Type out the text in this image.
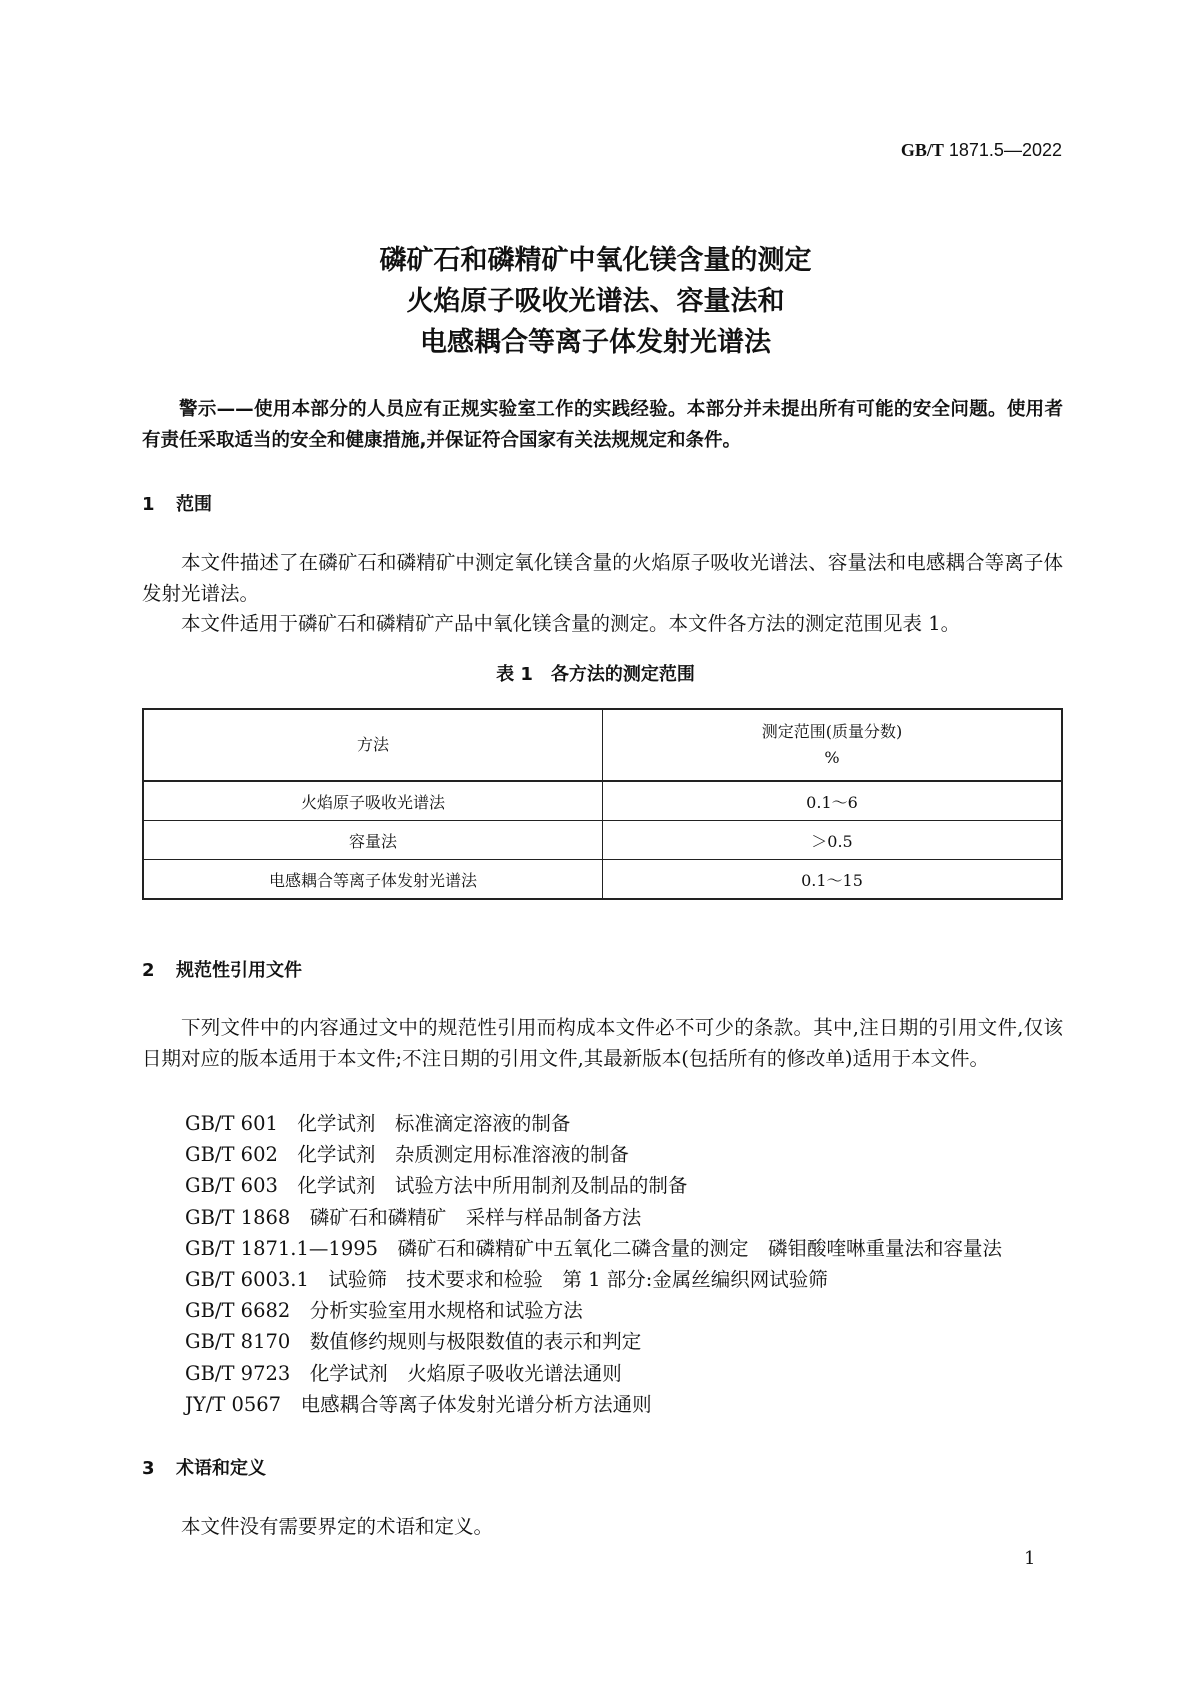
GB/T 1871.5—2022
磷矿石和磷精矿中氧化镁含量的测定
火焰原子吸收光谱法、容量法和
电感耦合等离子体发射光谱法
警示——使用本部分的人员应有正规实验室工作的实践经验。本部分并未提出所有可能的安全问题。使用者有责任采取适当的安全和健康措施,并保证符合国家有关法规规定和条件。
1 范围
本文件描述了在磷矿石和磷精矿中测定氧化镁含量的火焰原子吸收光谱法、容量法和电感耦合等离子体发射光谱法。
本文件适用于磷矿石和磷精矿产品中氧化镁含量的测定。本文件各方法的测定范围见表 1。
表 1　各方法的测定范围
方法	测定范围(质量分数)
%

火焰原子吸收光谱法	0.1～6
容量法	＞0.5
电感耦合等离子体发射光谱法	0.1～15
2 规范性引用文件
下列文件中的内容通过文中的规范性引用而构成本文件必不可少的条款。其中,注日期的引用文件,仅该日期对应的版本适用于本文件;不注日期的引用文件,其最新版本(包括所有的修改单)适用于本文件。
GB/T 601　化学试剂　标准滴定溶液的制备
GB/T 602　化学试剂　杂质测定用标准溶液的制备
GB/T 603　化学试剂　试验方法中所用制剂及制品的制备
GB/T 1868　磷矿石和磷精矿　采样与样品制备方法
GB/T 1871.1—1995　磷矿石和磷精矿中五氧化二磷含量的测定　磷钼酸喹啉重量法和容量法
GB/T 6003.1　试验筛　技术要求和检验　第 1 部分:金属丝编织网试验筛
GB/T 6682　分析实验室用水规格和试验方法
GB/T 8170　数值修约规则与极限数值的表示和判定
GB/T 9723　化学试剂　火焰原子吸收光谱法通则
JY/T 0567　电感耦合等离子体发射光谱分析方法通则
3 术语和定义
本文件没有需要界定的术语和定义。
1
